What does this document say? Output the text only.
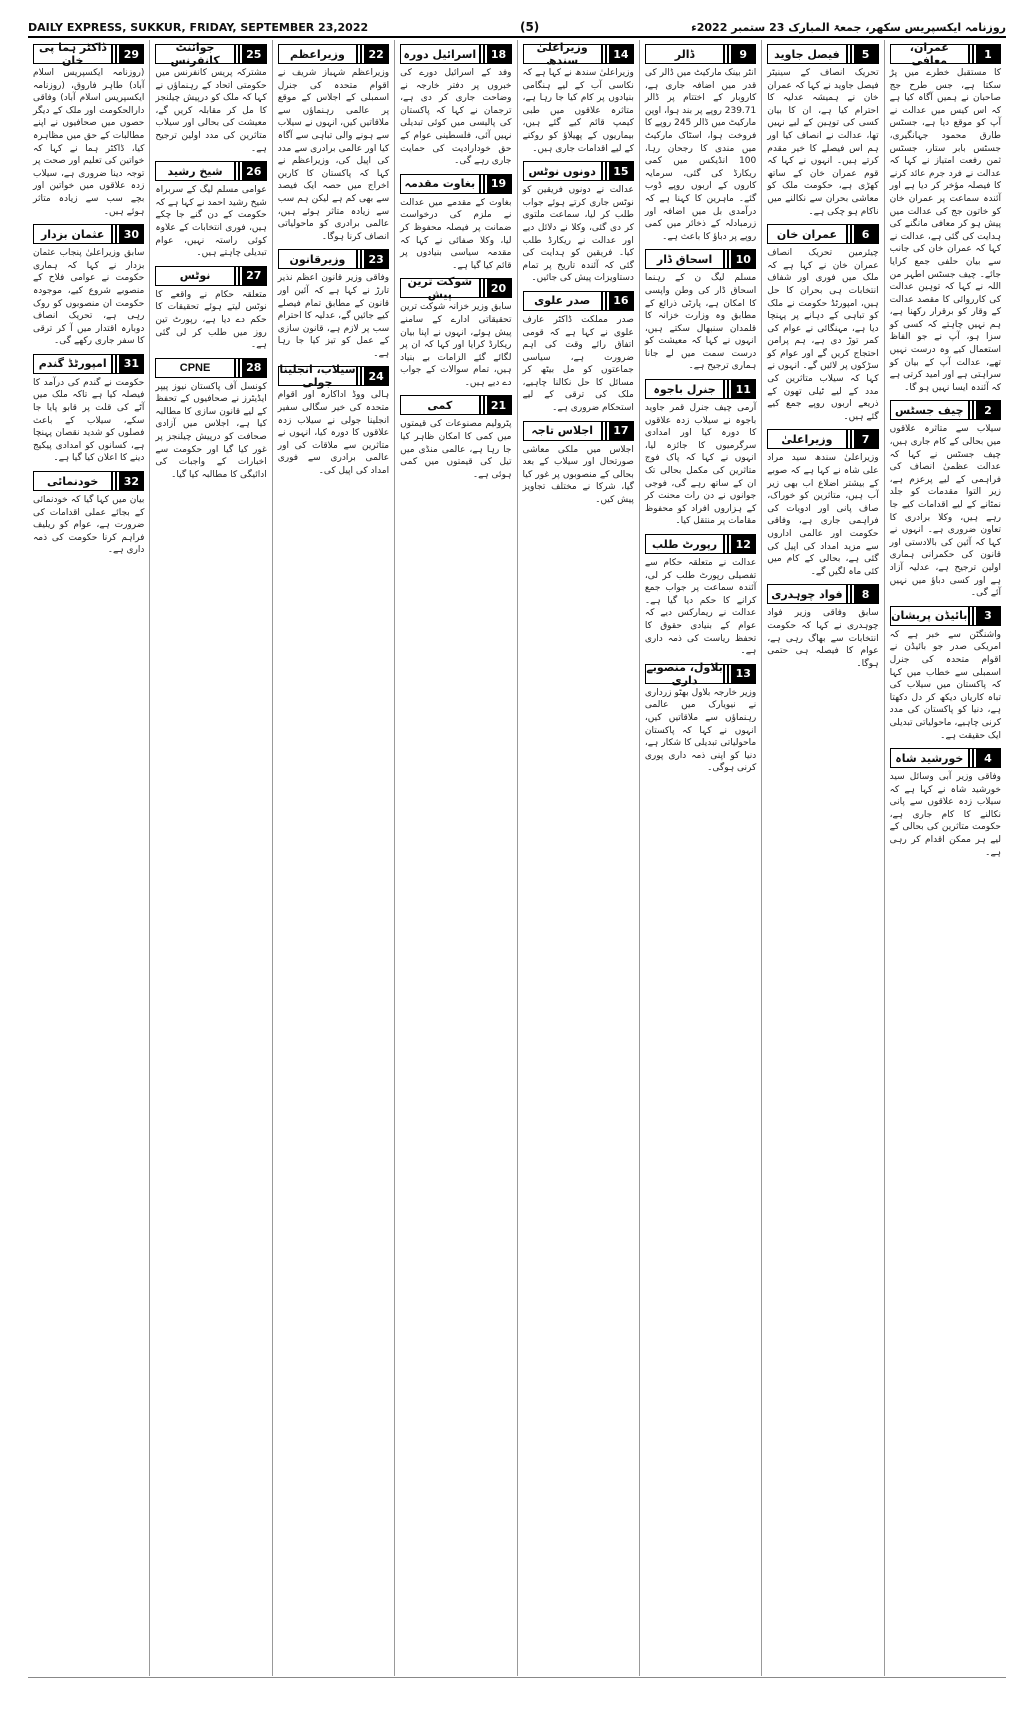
DAILY EXPRESS, SUKKUR, FRIDAY, SEPTEMBER 23,2022	(5)	روزنامہ ایکسپریس سکھر، جمعۃ المبارک 23 ستمبر 2022ء
1
عمران، معافی
کا مستقبل خطرے میں پڑ سکتا ہے، جس طرح جج صاحبان نے ہمیں آگاہ کیا ہے کہ اس کیس میں عدالت نے آپ کو موقع دیا ہے، جسٹس طارق محمود جہانگیری، جسٹس بابر ستار، جسٹس ثمن رفعت امتیاز نے کہا کہ عدالت نے فرد جرم عائد کرنے کا فیصلہ مؤخر کر دیا ہے اور آئندہ سماعت پر عمران خان کو خاتون جج کی عدالت میں پیش ہو کر معافی مانگنے کی ہدایت کی گئی ہے، عدالت نے کہا کہ عمران خان کی جانب سے بیان حلفی جمع کرایا جائے۔ چیف جسٹس اطہر من اللہ نے کہا کہ توہین عدالت کی کارروائی کا مقصد عدالت کے وقار کو برقرار رکھنا ہے، ہم نہیں چاہتے کہ کسی کو سزا ہو، آپ نے جو الفاظ استعمال کیے وہ درست نہیں تھے، عدالت آپ کے بیان کو سراہتی ہے اور امید کرتی ہے کہ آئندہ ایسا نہیں ہو گا۔
2
چیف جسٹس
سیلاب سے متاثرہ علاقوں میں بحالی کے کام جاری ہیں، چیف جسٹس نے کہا کہ عدالت عظمیٰ انصاف کی فراہمی کے لیے پرعزم ہے، زیر التوا مقدمات کو جلد نمٹانے کے لیے اقدامات کیے جا رہے ہیں، وکلا برادری کا تعاون ضروری ہے۔ انہوں نے کہا کہ آئین کی بالادستی اور قانون کی حکمرانی ہماری اولین ترجیح ہے، عدلیہ آزاد ہے اور کسی دباؤ میں نہیں آئے گی۔
3
بائیڈن پریشان
واشنگٹن سے خبر ہے کہ امریکی صدر جو بائیڈن نے اقوام متحدہ کی جنرل اسمبلی سے خطاب میں کہا کہ پاکستان میں سیلاب کی تباہ کاریاں دیکھ کر دل دکھتا ہے، دنیا کو پاکستان کی مدد کرنی چاہیے، ماحولیاتی تبدیلی ایک حقیقت ہے۔
4
خورشید شاہ
وفاقی وزیر آبی وسائل سید خورشید شاہ نے کہا ہے کہ سیلاب زدہ علاقوں سے پانی نکالنے کا کام جاری ہے، حکومت متاثرین کی بحالی کے لیے ہر ممکن اقدام کر رہی ہے۔
5
فیصل جاوید
تحریک انصاف کے سینیٹر فیصل جاوید نے کہا کہ عمران خان نے ہمیشہ عدلیہ کا احترام کیا ہے، ان کا بیان کسی کی توہین کے لیے نہیں تھا، عدالت نے انصاف کیا اور ہم اس فیصلے کا خیر مقدم کرتے ہیں۔ انہوں نے کہا کہ قوم عمران خان کے ساتھ کھڑی ہے، حکومت ملک کو معاشی بحران سے نکالنے میں ناکام ہو چکی ہے۔
6
عمران خان
چیئرمین تحریک انصاف عمران خان نے کہا ہے کہ ملک میں فوری اور شفاف انتخابات ہی بحران کا حل ہیں، امپورٹڈ حکومت نے ملک کو تباہی کے دہانے پر پہنچا دیا ہے، مہنگائی نے عوام کی کمر توڑ دی ہے، ہم پرامن احتجاج کریں گے اور عوام کو سڑکوں پر لائیں گے۔ انہوں نے کہا کہ سیلاب متاثرین کی مدد کے لیے ٹیلی تھون کے ذریعے اربوں روپے جمع کیے گئے ہیں۔
7
وزیراعلیٰ
وزیراعلیٰ سندھ سید مراد علی شاہ نے کہا ہے کہ صوبے کے بیشتر اضلاع اب بھی زیر آب ہیں، متاثرین کو خوراک، صاف پانی اور ادویات کی فراہمی جاری ہے، وفاقی حکومت اور عالمی اداروں سے مزید امداد کی اپیل کی گئی ہے، بحالی کے کام میں کئی ماہ لگیں گے۔
8
فواد چوہدری
سابق وفاقی وزیر فواد چوہدری نے کہا کہ حکومت انتخابات سے بھاگ رہی ہے، عوام کا فیصلہ ہی حتمی ہوگا۔
9
ڈالر
انٹر بینک مارکیٹ میں ڈالر کی قدر میں اضافہ جاری ہے، کاروبار کے اختتام پر ڈالر 239.71 روپے پر بند ہوا، اوپن مارکیٹ میں ڈالر 245 روپے کا فروخت ہوا، اسٹاک مارکیٹ میں مندی کا رجحان رہا، 100 انڈیکس میں کمی ریکارڈ کی گئی، سرمایہ کاروں کے اربوں روپے ڈوب گئے۔ ماہرین کا کہنا ہے کہ درآمدی بل میں اضافہ اور زرمبادلہ کے ذخائر میں کمی روپے پر دباؤ کا باعث ہے۔
10
اسحاق ڈار
مسلم لیگ ن کے رہنما اسحاق ڈار کی وطن واپسی کا امکان ہے، پارٹی ذرائع کے مطابق وہ وزارت خزانہ کا قلمدان سنبھال سکتے ہیں، انہوں نے کہا کہ معیشت کو درست سمت میں لے جانا ہماری ترجیح ہے۔
11
جنرل باجوہ
آرمی چیف جنرل قمر جاوید باجوہ نے سیلاب زدہ علاقوں کا دورہ کیا اور امدادی سرگرمیوں کا جائزہ لیا، انہوں نے کہا کہ پاک فوج متاثرین کی مکمل بحالی تک ان کے ساتھ رہے گی، فوجی جوانوں نے دن رات محنت کر کے ہزاروں افراد کو محفوظ مقامات پر منتقل کیا۔
12
رپورٹ طلب
عدالت نے متعلقہ حکام سے تفصیلی رپورٹ طلب کر لی، آئندہ سماعت پر جواب جمع کرانے کا حکم دیا گیا ہے۔ عدالت نے ریمارکس دیے کہ عوام کے بنیادی حقوق کا تحفظ ریاست کی ذمہ داری ہے۔
13
بلاول، منصوبے داری
وزیر خارجہ بلاول بھٹو زرداری نے نیویارک میں عالمی رہنماؤں سے ملاقاتیں کیں، انہوں نے کہا کہ پاکستان ماحولیاتی تبدیلی کا شکار ہے، دنیا کو اپنی ذمہ داری پوری کرنی ہوگی۔
14
وزیراعلیٰ سندھ
وزیراعلیٰ سندھ نے کہا ہے کہ نکاسی آب کے لیے ہنگامی بنیادوں پر کام کیا جا رہا ہے، متاثرہ علاقوں میں طبی کیمپ قائم کیے گئے ہیں، بیماریوں کے پھیلاؤ کو روکنے کے لیے اقدامات جاری ہیں۔
15
دونوں نوٹس
عدالت نے دونوں فریقین کو نوٹس جاری کرتے ہوئے جواب طلب کر لیا، سماعت ملتوی کر دی گئی، وکلا نے دلائل دیے اور عدالت نے ریکارڈ طلب کیا۔ فریقین کو ہدایت کی گئی کہ آئندہ تاریخ پر تمام دستاویزات پیش کی جائیں۔
16
صدر علوی
صدر مملکت ڈاکٹر عارف علوی نے کہا ہے کہ قومی اتفاق رائے وقت کی اہم ضرورت ہے، سیاسی جماعتوں کو مل بیٹھ کر مسائل کا حل نکالنا چاہیے، ملک کی ترقی کے لیے استحکام ضروری ہے۔
17
اجلاس تاجہ
اجلاس میں ملکی معاشی صورتحال اور سیلاب کے بعد بحالی کے منصوبوں پر غور کیا گیا، شرکا نے مختلف تجاویز پیش کیں۔
18
اسرائیل دورہ
وفد کے اسرائیل دورے کی خبروں پر دفتر خارجہ نے وضاحت جاری کر دی ہے، ترجمان نے کہا کہ پاکستان کی پالیسی میں کوئی تبدیلی نہیں آئی، فلسطینی عوام کے حق خودارادیت کی حمایت جاری رہے گی۔
19
بغاوت مقدمہ
بغاوت کے مقدمے میں عدالت نے ملزم کی درخواست ضمانت پر فیصلہ محفوظ کر لیا، وکلا صفائی نے کہا کہ مقدمہ سیاسی بنیادوں پر قائم کیا گیا ہے۔
20
شوکت ترین پیش
سابق وزیر خزانہ شوکت ترین تحقیقاتی ادارے کے سامنے پیش ہوئے، انہوں نے اپنا بیان ریکارڈ کرایا اور کہا کہ ان پر لگائے گئے الزامات بے بنیاد ہیں، تمام سوالات کے جواب دے دیے ہیں۔
21
کمی
پٹرولیم مصنوعات کی قیمتوں میں کمی کا امکان ظاہر کیا جا رہا ہے، عالمی منڈی میں تیل کی قیمتوں میں کمی ہوئی ہے۔
22
وزیراعظم
وزیراعظم شہباز شریف نے اقوام متحدہ کی جنرل اسمبلی کے اجلاس کے موقع پر عالمی رہنماؤں سے ملاقاتیں کیں، انہوں نے سیلاب سے ہونے والی تباہی سے آگاہ کیا اور عالمی برادری سے مدد کی اپیل کی، وزیراعظم نے کہا کہ پاکستان کا کاربن اخراج میں حصہ ایک فیصد سے بھی کم ہے لیکن ہم سب سے زیادہ متاثر ہوئے ہیں، عالمی برادری کو ماحولیاتی انصاف کرنا ہوگا۔
23
وزیرقانون
وفاقی وزیر قانون اعظم نذیر تارڑ نے کہا ہے کہ آئین اور قانون کے مطابق تمام فیصلے کیے جائیں گے، عدلیہ کا احترام سب پر لازم ہے، قانون سازی کے عمل کو تیز کیا جا رہا ہے۔
24
سیلاب، انجلینا جولی
ہالی ووڈ اداکارہ اور اقوام متحدہ کی خیر سگالی سفیر انجلینا جولی نے سیلاب زدہ علاقوں کا دورہ کیا، انہوں نے متاثرین سے ملاقات کی اور عالمی برادری سے فوری امداد کی اپیل کی۔
25
جوائنٹ کانفرنس
مشترکہ پریس کانفرنس میں حکومتی اتحاد کے رہنماؤں نے کہا کہ ملک کو درپیش چیلنجز کا مل کر مقابلہ کریں گے، معیشت کی بحالی اور سیلاب متاثرین کی مدد اولین ترجیح ہے۔
26
شیخ رشید
عوامی مسلم لیگ کے سربراہ شیخ رشید احمد نے کہا ہے کہ حکومت کے دن گنے جا چکے ہیں، فوری انتخابات کے علاوہ کوئی راستہ نہیں، عوام تبدیلی چاہتے ہیں۔
27
نوٹس
متعلقہ حکام نے واقعے کا نوٹس لیتے ہوئے تحقیقات کا حکم دے دیا ہے، رپورٹ تین روز میں طلب کر لی گئی ہے۔
28
CPNE
کونسل آف پاکستان نیوز پیپر ایڈیٹرز نے صحافیوں کے تحفظ کے لیے قانون سازی کا مطالبہ کیا ہے، اجلاس میں آزادی صحافت کو درپیش چیلنجز پر غور کیا گیا اور حکومت سے اخبارات کے واجبات کی ادائیگی کا مطالبہ کیا گیا۔
29
ڈاکٹر ہما پی خان
(روزنامہ ایکسپریس اسلام آباد) طاہر فاروق، (روزنامہ ایکسپریس اسلام آباد) وفاقی دارالحکومت اور ملک کے دیگر حصوں میں صحافیوں نے اپنے مطالبات کے حق میں مظاہرہ کیا، ڈاکٹر ہما نے کہا کہ خواتین کی تعلیم اور صحت پر توجہ دینا ضروری ہے، سیلاب زدہ علاقوں میں خواتین اور بچے سب سے زیادہ متاثر ہوئے ہیں۔
30
عثمان بزدار
سابق وزیراعلیٰ پنجاب عثمان بزدار نے کہا کہ ہماری حکومت نے عوامی فلاح کے منصوبے شروع کیے، موجودہ حکومت ان منصوبوں کو روک رہی ہے، تحریک انصاف دوبارہ اقتدار میں آ کر ترقی کا سفر جاری رکھے گی۔
31
امپورٹڈ گندم
حکومت نے گندم کی درآمد کا فیصلہ کیا ہے تاکہ ملک میں آٹے کی قلت پر قابو پایا جا سکے، سیلاب کے باعث فصلوں کو شدید نقصان پہنچا ہے، کسانوں کو امدادی پیکیج دینے کا اعلان کیا گیا ہے۔
32
خودنمائی
بیان میں کہا گیا کہ خودنمائی کے بجائے عملی اقدامات کی ضرورت ہے، عوام کو ریلیف فراہم کرنا حکومت کی ذمہ داری ہے۔
